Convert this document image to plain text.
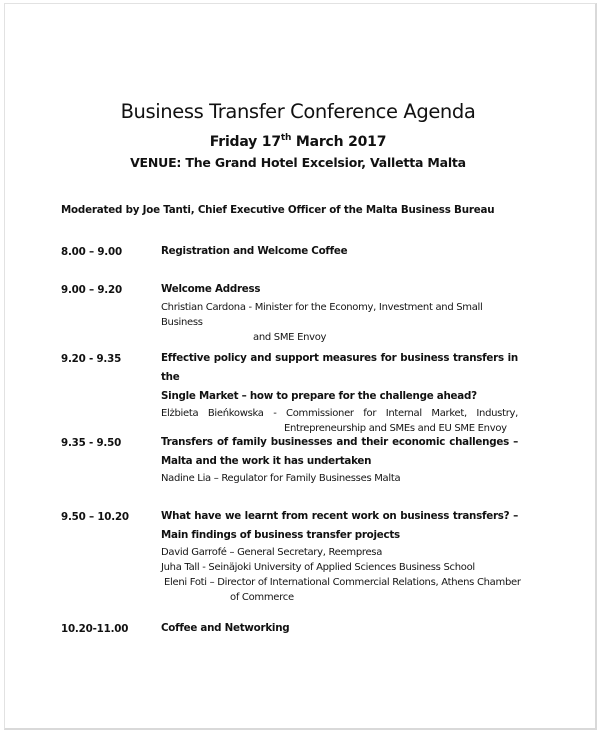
Business Transfer Conference Agenda
Friday 17th March 2017
VENUE: The Grand Hotel Excelsior, Valletta Malta
Moderated by Joe Tanti, Chief Executive Officer of the Malta Business Bureau
8.00 – 9.00	Registration and Welcome Coffee
9.00 – 9.20	Welcome Address
Christian Cardona - Minister for the Economy, Investment and Small Business
and SME Envoy
9.20 - 9.35	Effective policy and support measures for business transfers in the
Single Market – how to prepare for the challenge ahead?
Elżbieta Bieńkowska - Commissioner for Internal Market, Industry,
Entrepreneurship and SMEs and EU SME Envoy
9.35 - 9.50	Transfers of family businesses and their economic challenges –
Malta and the work it has undertaken
Nadine Lia – Regulator for Family Businesses Malta
9.50 – 10.20	What have we learnt from recent work on business transfers? –
Main findings of business transfer projects
David Garrofé – General Secretary, Reempresa
Juha Tall - Seinäjoki University of Applied Sciences Business School
Eleni Foti – Director of International Commercial Relations, Athens Chamber
of Commerce
10.20-11.00	Coffee and Networking
